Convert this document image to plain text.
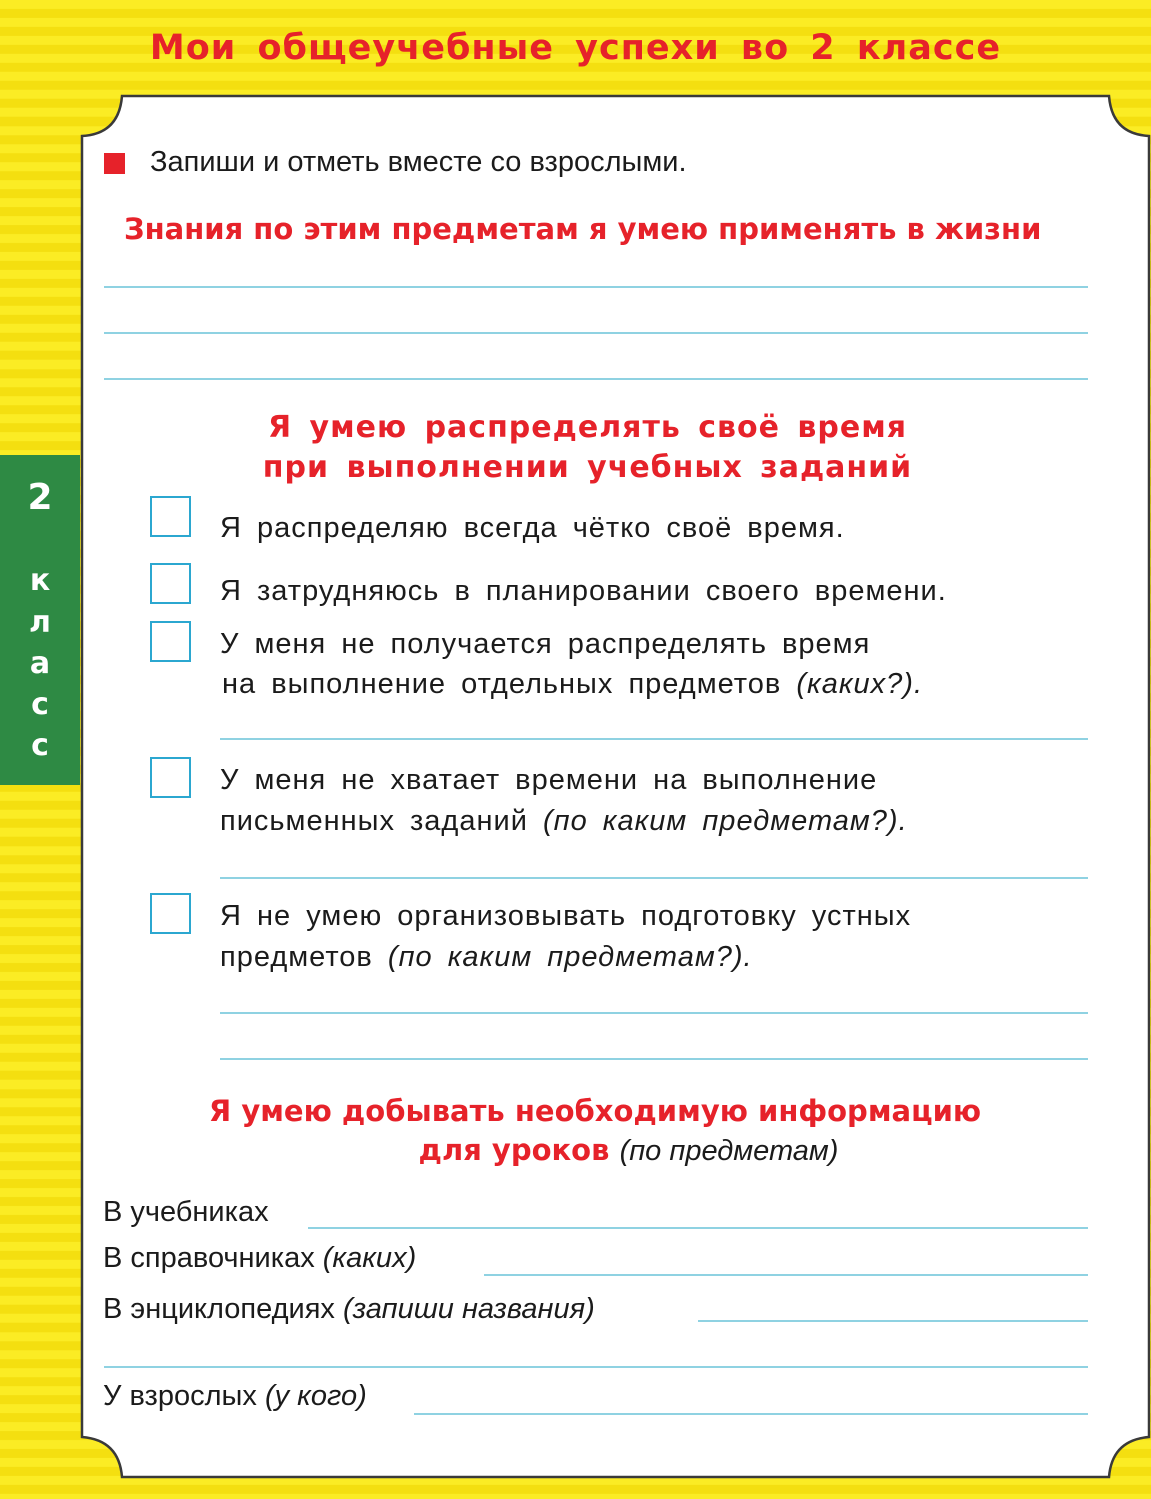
Мои общеучебные успехи во 2 классе
2
к
л
а
с
с
Запиши и отметь вместе со взрослыми.
Знания по этим предметам я умею применять в жизни
Я умею распределять своё время
при выполнении учебных заданий
Я распределяю всегда чётко своё время.
Я затрудняюсь в планировании своего времени.
У меня не получается распределять время
на выполнение отдельных предметов (каких?).
У меня не хватает времени на выполнение
письменных заданий (по каким предметам?).
Я не умею организовывать подготовку устных
предметов (по каким предметам?).
Я умею добывать необходимую информацию
для уроков (по предметам)
В учебниках
В справочниках (каких)
В энциклопедиях (запиши названия)
У взрослых (у кого)
